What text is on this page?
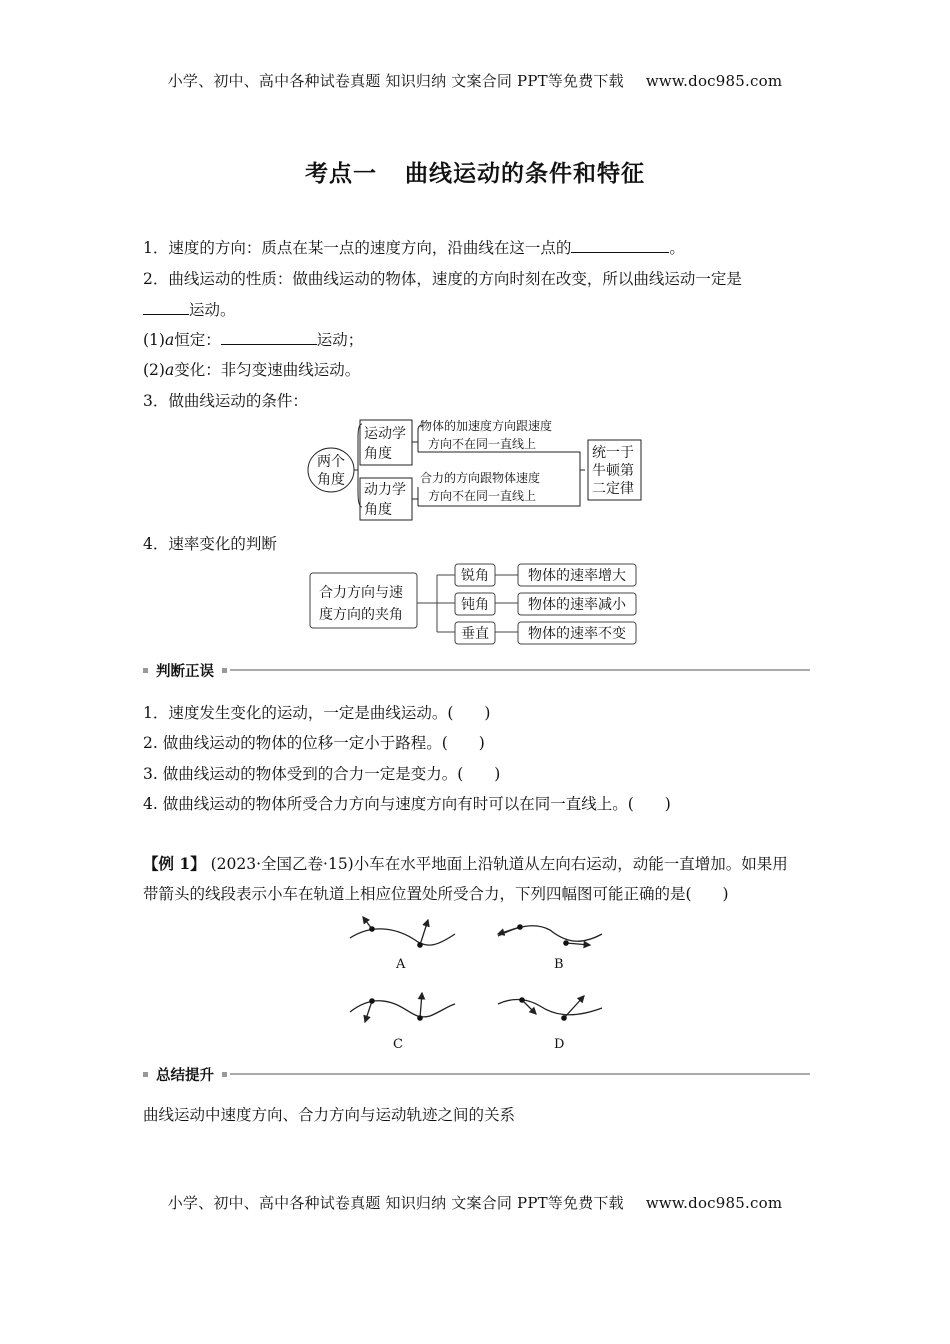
小学、初中、高中各种试卷真题 知识归纳 文案合同 PPT等免费下载 www.doc985.com
考点一 曲线运动的条件和特征
1．速度的方向：质点在某一点的速度方向，沿曲线在这一点的	。
2．曲线运动的性质：做曲线运动的物体，速度的方向时刻在改变，所以曲线运动一定是
运动。
(1)a恒定：	运动；
(2)a变化：非匀变速曲线运动。
3．做曲线运动的条件：
两个
角度
运动学
角度
动力学
角度
统一于
牛顿第
二定律
物体的加速度方向跟速度
方向不在同一直线上
合力的方向跟物体速度
方向不在同一直线上
4．速率变化的判断
合力方向与速
度方向的夹角
锐角
钝角
垂直
物体的速率增大
物体的速率减小
物体的速率不变
判断正误
1．速度发生变化的运动，一定是曲线运动。(　　)
2. 做曲线运动的物体的位移一定小于路程。(　　)
3. 做曲线运动的物体受到的合力一定是变力。(　　)
4. 做曲线运动的物体所受合力方向与速度方向有时可以在同一直线上。(　　)
【例 1】 (2023·全国乙卷·15)小车在水平地面上沿轨道从左向右运动，动能一直增加。如果用
带箭头的线段表示小车在轨道上相应位置处所受合力，下列四幅图可能正确的是(　　)
A	B
C	D
总结提升
曲线运动中速度方向、合力方向与运动轨迹之间的关系
小学、初中、高中各种试卷真题 知识归纳 文案合同 PPT等免费下载 www.doc985.com
